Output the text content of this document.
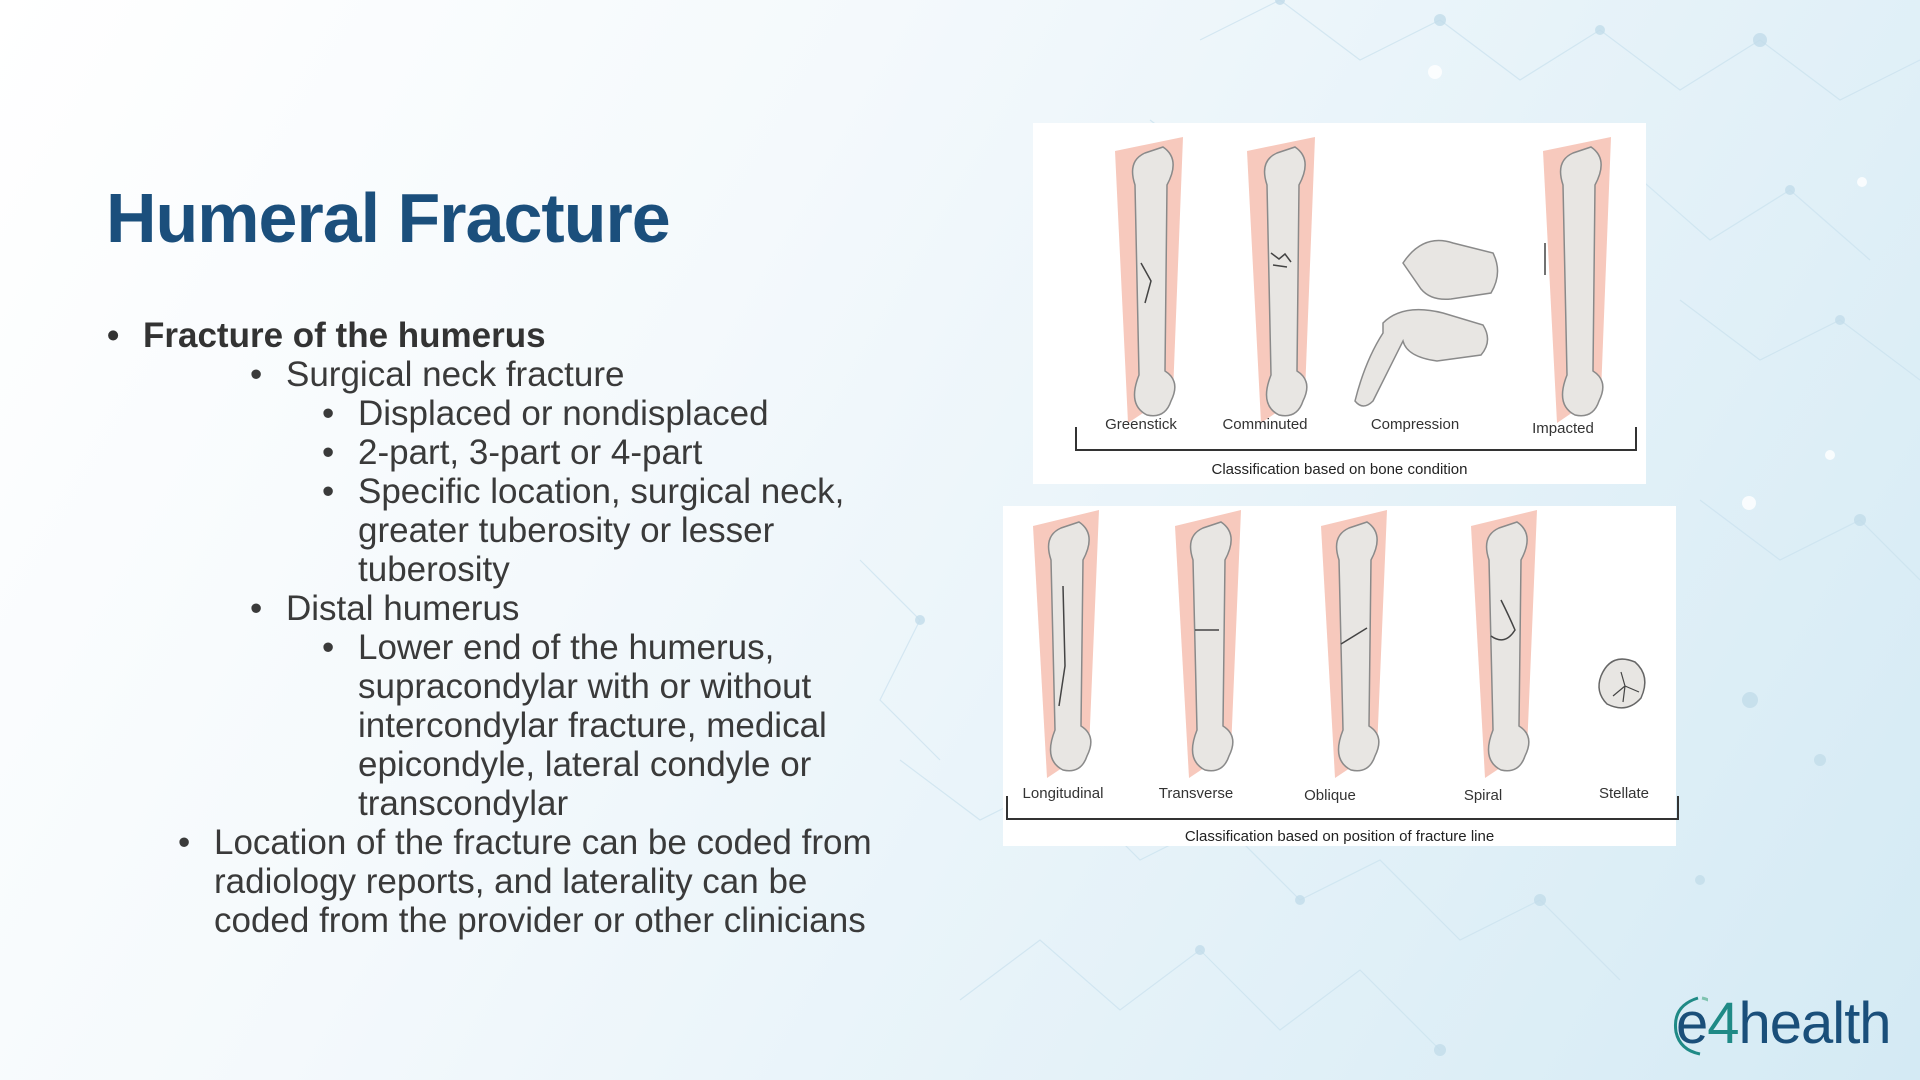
Humeral Fracture
• Fracture of the humerus
• Surgical neck fracture
• Displaced or nondisplaced
• 2-part, 3-part or 4-part
• Specific location, surgical neck,
greater tuberosity or lesser
tuberosity
• Distal humerus
• Lower end of the humerus,
supracondylar with or without
intercondylar fracture, medical
epicondyle, lateral condyle or
transcondylar
• Location of the fracture can be coded from
radiology reports, and laterality can be
coded from the provider or other clinicians
Greenstick	Comminuted	Compression	Impacted
Classification based on bone condition
Longitudinal	Transverse	Oblique	Spiral	Stellate
Classification based on position of fracture line
e4health
